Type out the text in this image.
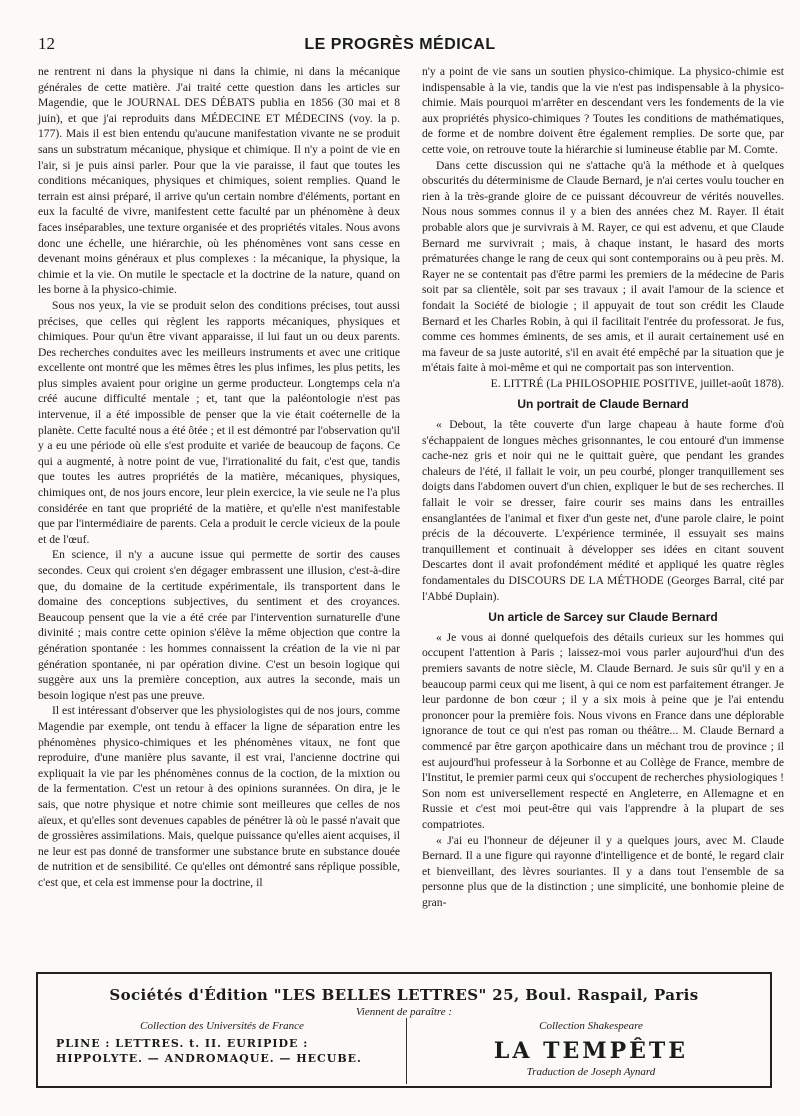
12	LE PROGRÈS MÉDICAL

ne rentrent ni dans la physique ni dans la chimie, ni dans la mécanique générales de cette matière. J'ai traité cette question dans les articles sur Magendie, que le JOURNAL DES DÉBATS publia en 1856 (30 mai et 8 juin), et que j'ai reproduits dans MÉDECINE ET MÉDECINS (voy. la p. 177). Mais il est bien entendu qu'aucune manifestation vivante ne se produit sans un substratum mécanique, physique et chimique. Il n'y a point de vie en l'air, si je puis ainsi parler. Pour que la vie paraisse, il faut que toutes les conditions mécaniques, physiques et chimiques, soient remplies. Quand le terrain est ainsi préparé, il arrive qu'un certain nombre d'éléments, portant en eux la faculté de vivre, manifestent cette faculté par un phénomène à deux faces inséparables, une texture organisée et des propriétés vitales. Nous avons donc une échelle, une hiérarchie, où les phénomènes vont sans cesse en devenant moins généraux et plus complexes : la mécanique, la physique, la chimie et la vie. On mutile le spectacle et la doctrine de la nature, quand on les borne à la physico-chimie.

Sous nos yeux, la vie se produit selon des conditions précises, tout aussi précises, que celles qui règlent les rapports mécaniques, physiques et chimiques. Pour qu'un être vivant apparaisse, il lui faut un ou deux parents. Des recherches conduites avec les meilleurs instruments et avec une critique excellente ont montré que les mêmes êtres les plus infimes, les plus petits, les plus simples avaient pour origine un germe producteur. Longtemps cela n'a créé aucune difficulté mentale ; et, tant que la paléontologie n'est pas intervenue, il a été impossible de penser que la vie était coéternelle de la planète. Cette faculté nous a été ôtée ; et il est démontré par l'observation qu'il y a eu une période où elle s'est produite et variée de beaucoup de façons. Ce qui a augmenté, à notre point de vue, l'irrationalité du fait, c'est que, tandis que toutes les autres propriétés de la matière, mécaniques, physiques, chimiques ont, de nos jours encore, leur plein exercice, la vie seule ne l'a plus considérée en tant que propriété de la matière, et qu'elle n'est manifestable que par l'intermédiaire de parents. Cela a produit le cercle vicieux de la poule et de l'œuf.

En science, il n'y a aucune issue qui permette de sortir des causes secondes. Ceux qui croient s'en dégager embrassent une illusion, c'est-à-dire que, du domaine de la certitude expérimentale, ils transportent dans le domaine des conceptions subjectives, du sentiment et des croyances. Beaucoup pensent que la vie a été crée par l'intervention surnaturelle d'une divinité ; mais contre cette opinion s'élève la même objection que contre la génération spontanée : les hommes connaissent la création de la vie ni par génération spontanée, ni par opération divine. C'est un besoin logique qui suggère aux uns la première conception, aux autres la seconde, mais un besoin logique n'est pas une preuve.

Il est intéressant d'observer que les physiologistes qui de nos jours, comme Magendie par exemple, ont tendu à effacer la ligne de séparation entre les phénomènes physico-chimiques et les phénomènes vitaux, ne font que reproduire, d'une manière plus savante, il est vrai, l'ancienne doctrine qui expliquait la vie par les phénomènes connus de la coction, de la mixtion ou de la fermentation. C'est un retour à des opinions surannées. On dira, je le sais, que notre physique et notre chimie sont meilleures que celles de nos aïeux, et qu'elles sont devenues capables de pénétrer là où le passé n'avait que de grossières assimilations. Mais, quelque puissance qu'elles aient acquises, il ne leur est pas donné de transformer une substance brute en substance douée de nutrition et de sensibilité. Ce qu'elles ont démontré sans réplique possible, c'est que, et cela est immense pour la doctrine, il

n'y a point de vie sans un soutien physico-chimique. La physico-chimie est indispensable à la vie, tandis que la vie n'est pas indispensable à la physico-chimie. Mais pourquoi m'arrêter en descendant vers les fondements de la vie aux propriétés physico-chimiques ? Toutes les conditions de mathématiques, de forme et de nombre doivent être également remplies. De sorte que, par cette voie, on retrouve toute la hiérarchie si lumineuse établie par M. Comte.

Dans cette discussion qui ne s'attache qu'à la méthode et à quelques obscurités du déterminisme de Claude Bernard, je n'ai certes voulu toucher en rien à la très-grande gloire de ce puissant découvreur de vérités nouvelles. Nous nous sommes connus il y a bien des années chez M. Rayer. Il était probable alors que je survivrais à M. Rayer, ce qui est advenu, et que Claude Bernard me survivrait ; mais, à chaque instant, le hasard des morts prématurées change le rang de ceux qui sont contemporains ou à peu près. M. Rayer ne se contentait pas d'être parmi les premiers de la médecine de Paris soit par sa clientèle, soit par ses travaux ; il avait l'amour de la science et fondait la Société de biologie ; il appuyait de tout son crédit les Claude Bernard et les Charles Robin, à qui il facilitait l'entrée du professorat. Je fus, comme ces hommes éminents, de ses amis, et il aurait certainement usé en ma faveur de sa juste autorité, s'il en avait été empêché par la situation que je m'étais faite à moi-même et qui ne comportait pas son intervention.

E. LITTRÉ (La PHILOSOPHIE POSITIVE, juillet-août 1878).

Un portrait de Claude Bernard

« Debout, la tête couverte d'un large chapeau à haute forme d'où s'échappaient de longues mèches grisonnantes, le cou entouré d'un immense cache-nez gris et noir qui ne le quittait guère, que pendant les grandes chaleurs de l'été, il fallait le voir, un peu courbé, plonger tranquillement ses doigts dans l'abdomen ouvert d'un chien, expliquer le but de ses recherches. Il fallait le voir se dresser, faire courir ses mains dans les entrailles ensanglantées de l'animal et fixer d'un geste net, d'une parole claire, le point précis de la découverte. L'expérience terminée, il essuyait ses mains tranquillement et continuait à développer ses idées en citant souvent Descartes dont il avait profondément médité et appliqué les quatre règles fondamentales du DISCOURS DE LA MÉTHODE (Georges Barral, cité par l'Abbé Duplain).

Un article de Sarcey sur Claude Bernard

« Je vous ai donné quelquefois des détails curieux sur les hommes qui occupent l'attention à Paris ; laissez-moi vous parler aujourd'hui d'un des premiers savants de notre siècle, M. Claude Bernard. Je suis sûr qu'il y en a beaucoup parmi ceux qui me lisent, à qui ce nom est parfaitement étranger. Je leur pardonne de bon cœur ; il y a six mois à peine que je l'ai entendu prononcer pour la première fois. Nous vivons en France dans une déplorable ignorance de tout ce qui n'est pas roman ou théâtre... M. Claude Bernard a commencé par être garçon apothicaire dans un méchant trou de province ; il est aujourd'hui professeur à la Sorbonne et au Collège de France, membre de l'Institut, le premier parmi ceux qui s'occupent de recherches physiologiques ! Son nom est universellement respecté en Angleterre, en Allemagne et en Russie et c'est moi peut-être qui vais l'apprendre à la plupart de ses compatriotes.

« J'ai eu l'honneur de déjeuner il y a quelques jours, avec M. Claude Bernard. Il a une figure qui rayonne d'intelligence et de bonté, le regard clair et bienveillant, des lèvres souriantes. Il y a dans tout l'ensemble de sa personne plus que de la distinction ; une simplicité, une bonhomie pleine de gran-

Sociétés d'Édition "LES BELLES LETTRES" 25, Boul. Raspail, Paris
Viennent de paraître :
Collection des Universités de France
PLINE : LETTRES. t. II. EURIPIDE : HIPPOLYTE. — ANDROMAQUE. — HECUBE.
Collection Shakespeare
LA TEMPÊTE
Traduction de Joseph Aynard
